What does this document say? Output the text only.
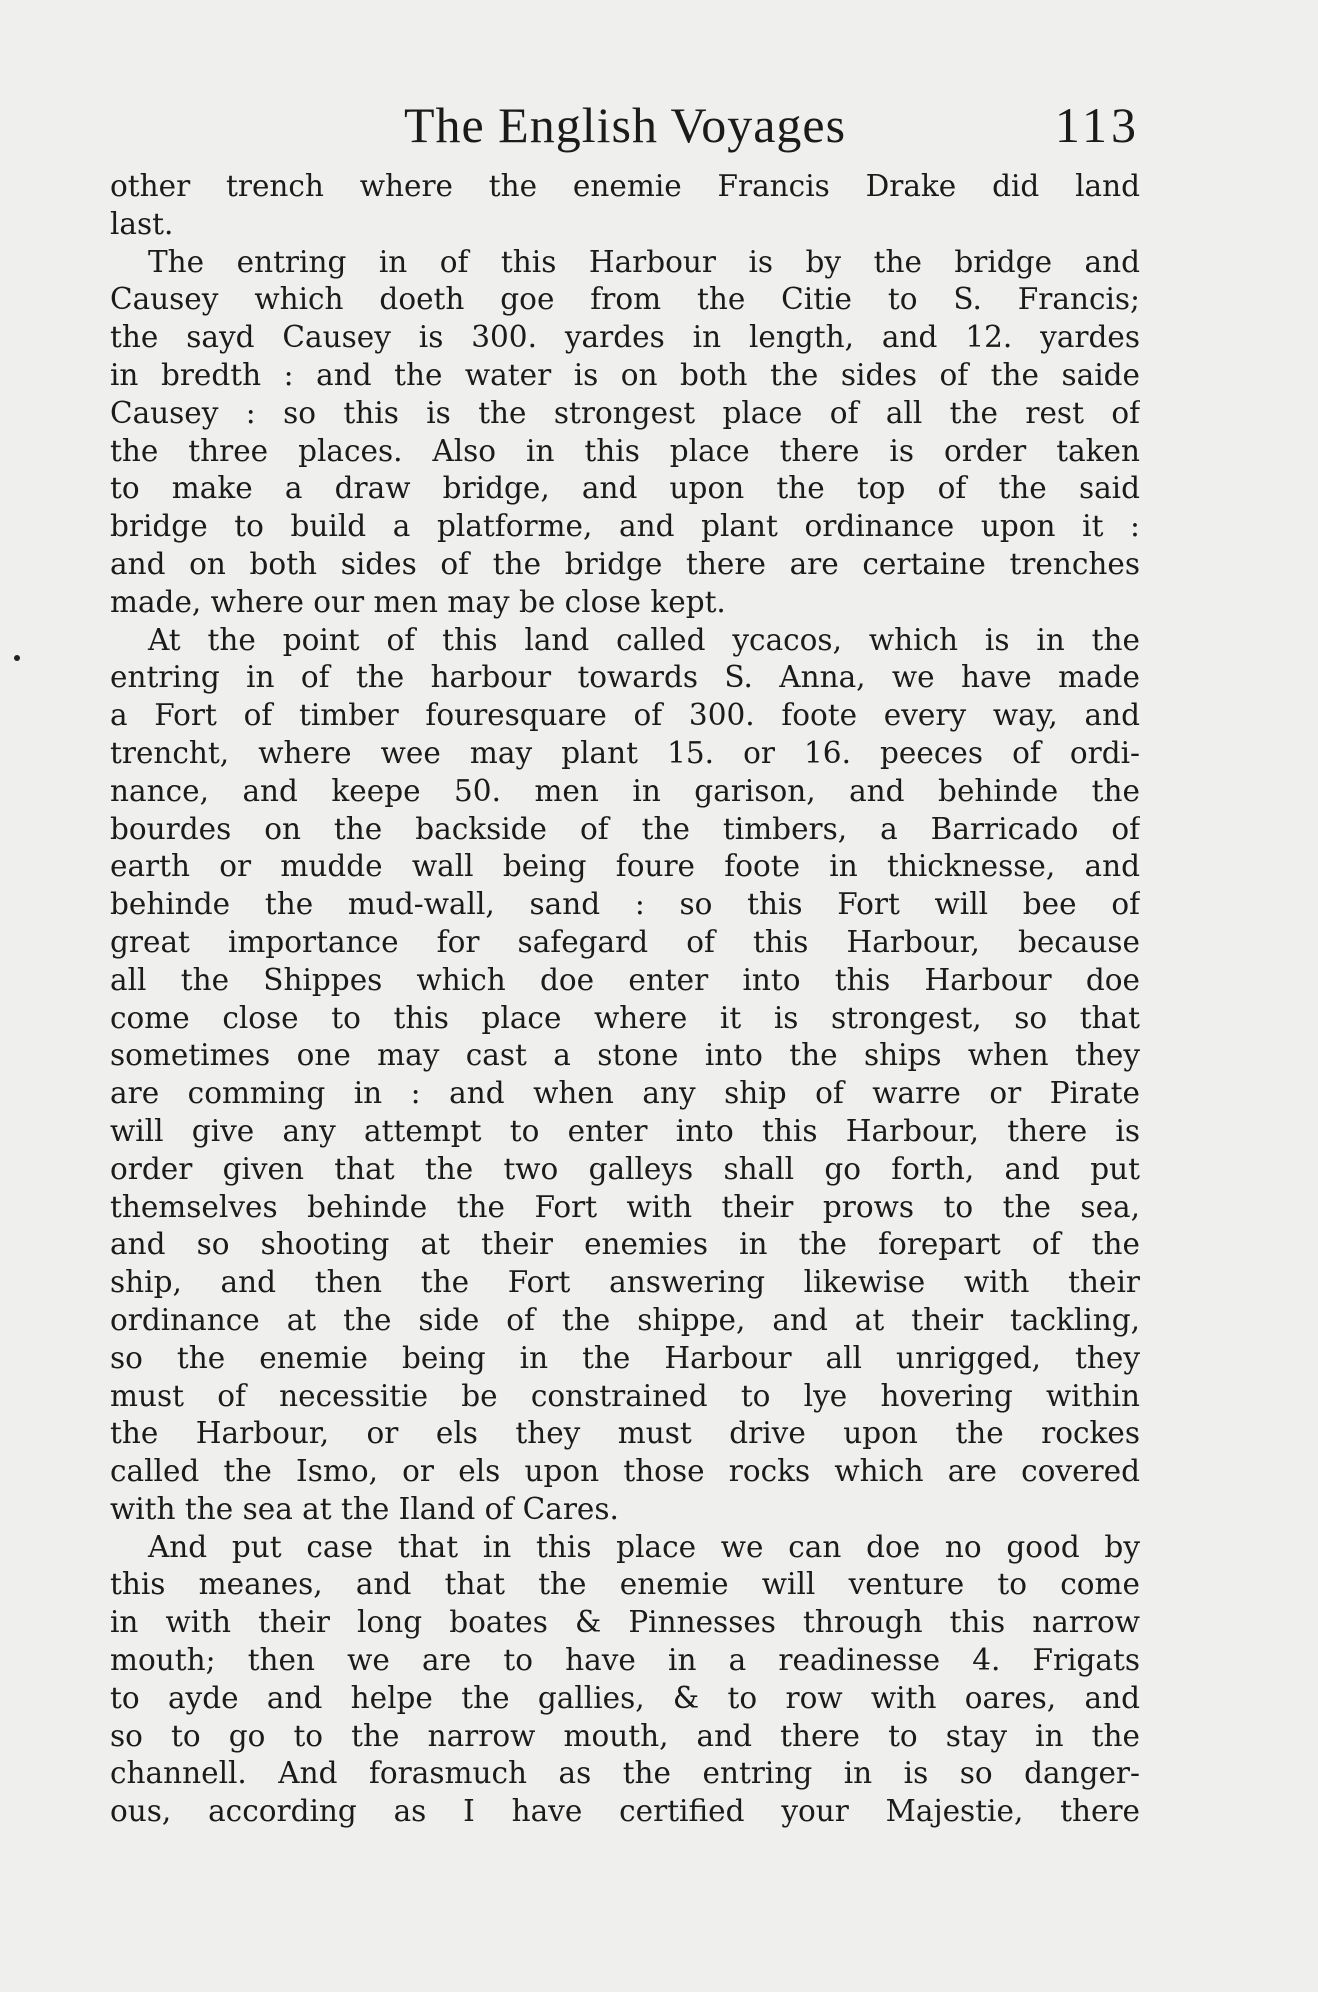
The English Voyages	113
other trench where the enemie Francis Drake did land
last.
The entring in of this Harbour is by the bridge and
Causey which doeth goe from the Citie to S. Francis;
the sayd Causey is 300. yardes in length, and 12. yardes
in bredth : and the water is on both the sides of the saide
Causey : so this is the strongest place of all the rest of
the three places. Also in this place there is order taken
to make a draw bridge, and upon the top of the said
bridge to build a platforme, and plant ordinance upon it :
and on both sides of the bridge there are certaine trenches
made, where our men may be close kept.
At the point of this land called ycacos, which is in the
entring in of the harbour towards S. Anna, we have made
a Fort of timber fouresquare of 300. foote every way, and
trencht, where wee may plant 15. or 16. peeces of ordi-
nance, and keepe 50. men in garison, and behinde the
bourdes on the backside of the timbers, a Barricado of
earth or mudde wall being foure foote in thicknesse, and
behinde the mud-wall, sand : so this Fort will bee of
great importance for safegard of this Harbour, because
all the Shippes which doe enter into this Harbour doe
come close to this place where it is strongest, so that
sometimes one may cast a stone into the ships when they
are comming in : and when any ship of warre or Pirate
will give any attempt to enter into this Harbour, there is
order given that the two galleys shall go forth, and put
themselves behinde the Fort with their prows to the sea,
and so shooting at their enemies in the forepart of the
ship, and then the Fort answering likewise with their
ordinance at the side of the shippe, and at their tackling,
so the enemie being in the Harbour all unrigged, they
must of necessitie be constrained to lye hovering within
the Harbour, or els they must drive upon the rockes
called the Ismo, or els upon those rocks which are covered
with the sea at the Iland of Cares.
And put case that in this place we can doe no good by
this meanes, and that the enemie will venture to come
in with their long boates & Pinnesses through this narrow
mouth; then we are to have in a readinesse 4. Frigats
to ayde and helpe the gallies, & to row with oares, and
so to go to the narrow mouth, and there to stay in the
channell. And forasmuch as the entring in is so danger-
ous, according as I have certified your Majestie, there
